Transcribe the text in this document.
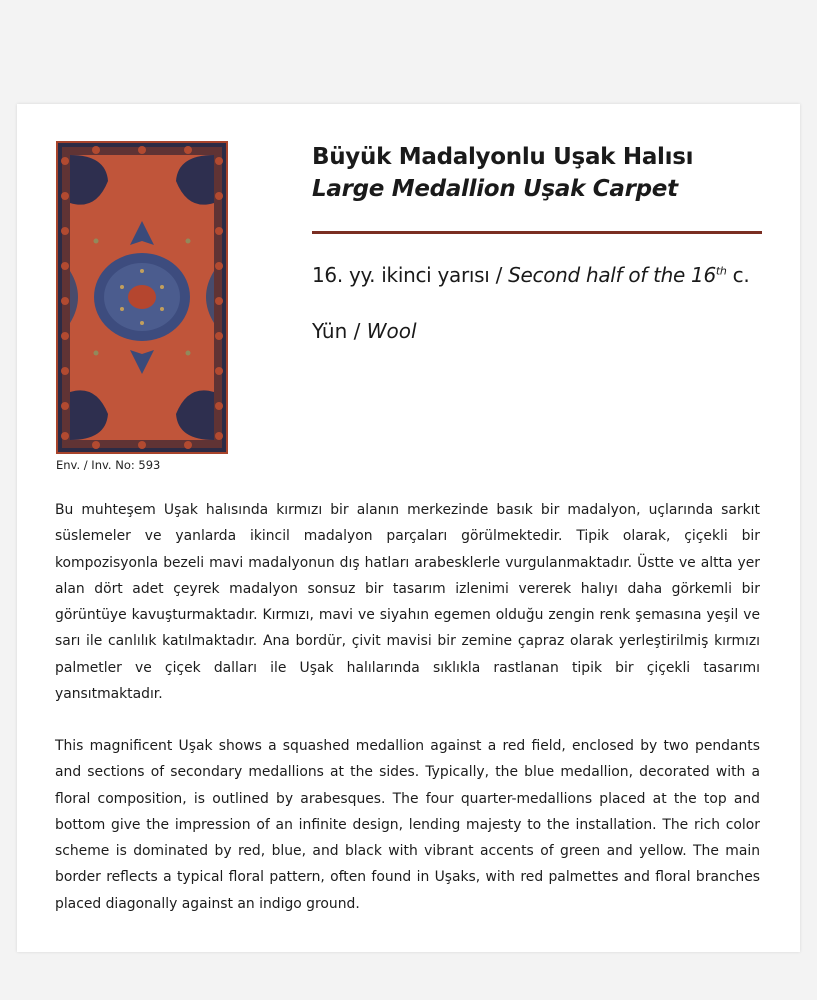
Env. / Inv. No: 593
Büyük Madalyonlu Uşak Halısı
Large Medallion Uşak Carpet
16. yy. ikinci yarısı / Second half of the 16th c.
Yün / Wool

Bu muhteşem Uşak halısında kırmızı bir alanın merkezinde basık bir madalyon, uçlarında sarkıt süslemeler ve yanlarda ikincil madalyon parçaları görülmektedir. Tipik olarak, çiçekli bir kompozisyonla bezeli mavi madalyonun dış hatları arabesklerle vurgulanmaktadır. Üstte ve altta yer alan dört adet çeyrek madalyon sonsuz bir tasarım izlenimi vererek halıyı daha görkemli bir görüntüye kavuşturmaktadır. Kırmızı, mavi ve siyahın egemen olduğu zengin renk şemasına yeşil ve sarı ile canlılık katılmaktadır. Ana bordür, çivit mavisi bir zemine çapraz olarak yerleştirilmiş kırmızı palmetler ve çiçek dalları ile Uşak halılarında sıklıkla rastlanan tipik bir çiçekli tasarımı yansıtmaktadır.

This magnificent Uşak shows a squashed medallion against a red field, enclosed by two pendants and sections of secondary medallions at the sides. Typically, the blue medallion, decorated with a floral composition, is outlined by arabesques. The four quarter-medallions placed at the top and bottom give the impression of an infinite design, lending majesty to the installation. The rich color scheme is dominated by red, blue, and black with vibrant accents of green and yellow. The main border reflects a typical floral pattern, often found in Uşaks, with red palmettes and floral branches placed diagonally against an indigo ground.
